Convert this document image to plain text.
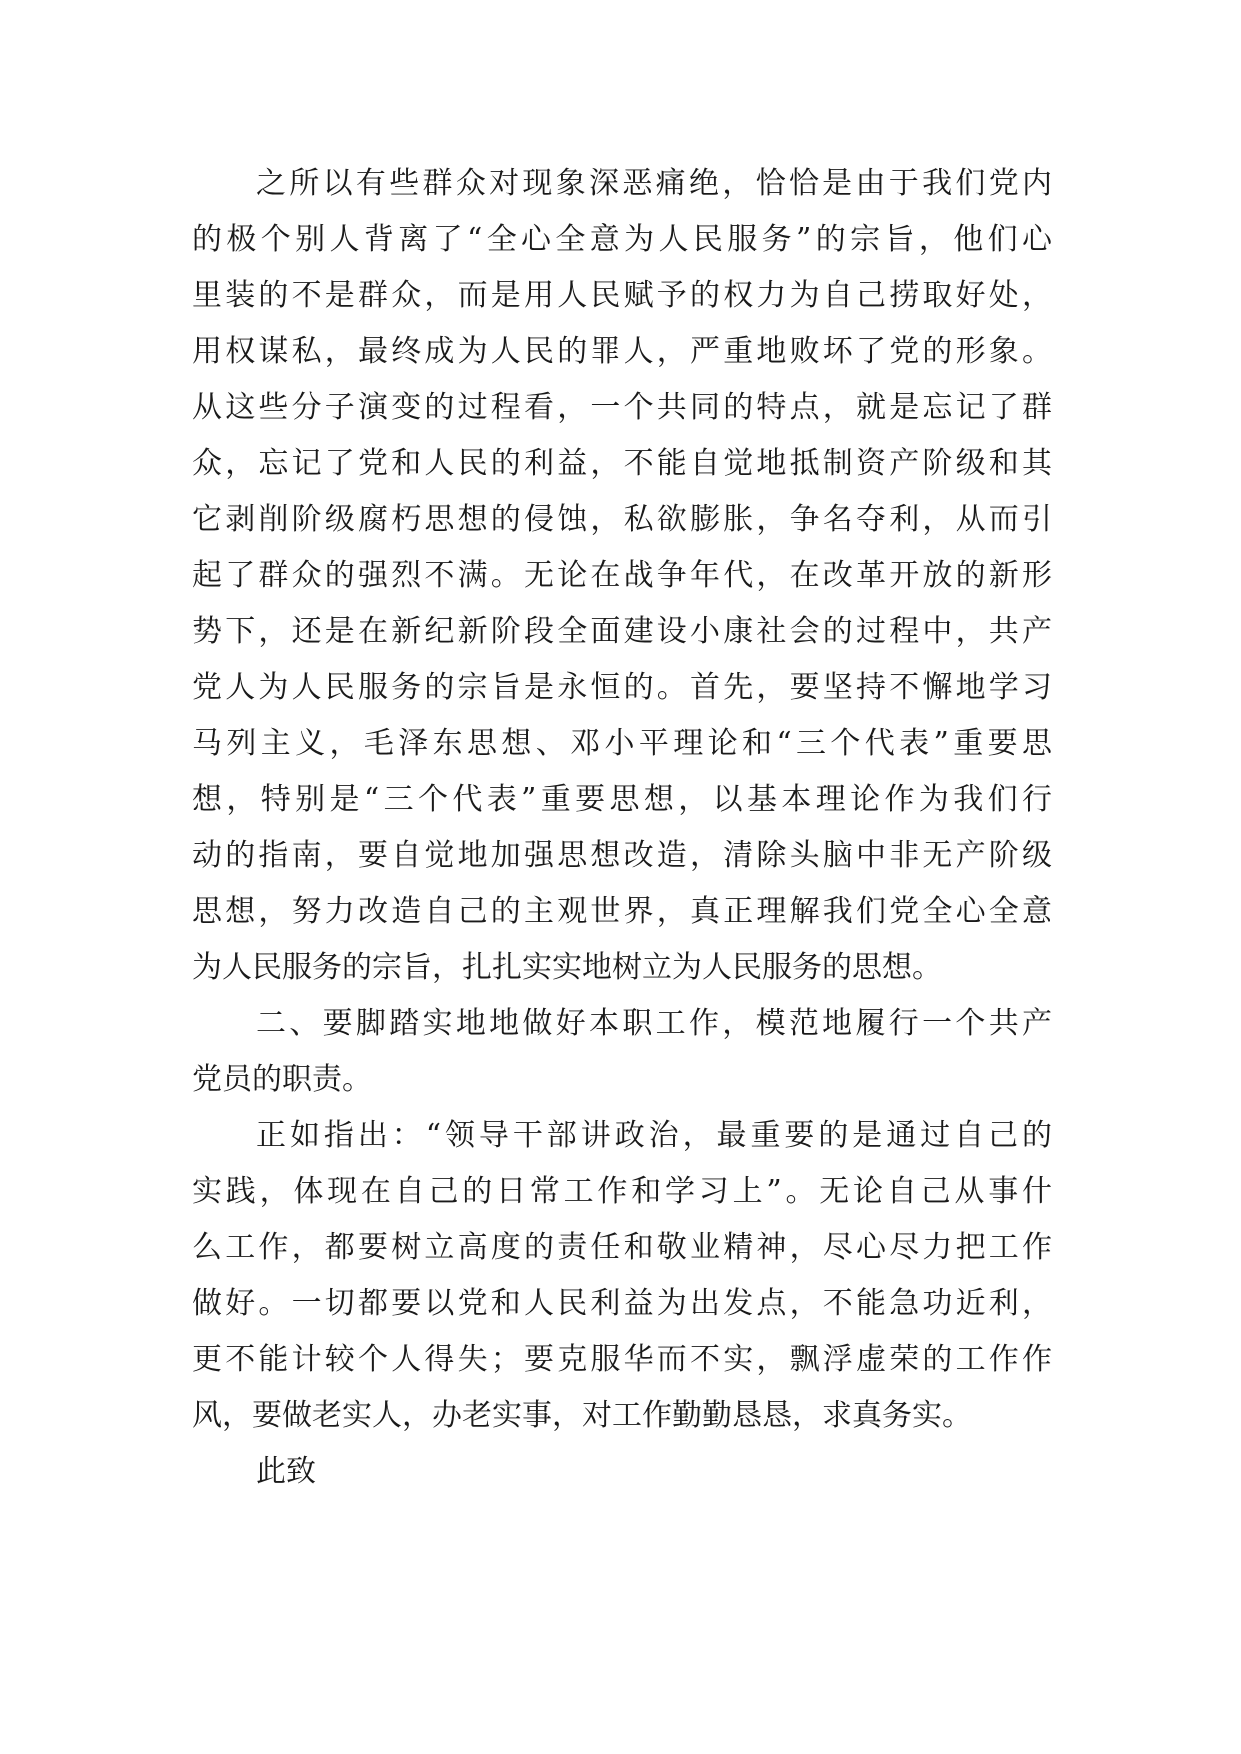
之所以有些群众对现象深恶痛绝，恰恰是由于我们党内
的极个别人背离了“全心全意为人民服务”的宗旨，他们心
里装的不是群众，而是用人民赋予的权力为自己捞取好处，
用权谋私，最终成为人民的罪人，严重地败坏了党的形象。
从这些分子演变的过程看，一个共同的特点，就是忘记了群
众，忘记了党和人民的利益，不能自觉地抵制资产阶级和其
它剥削阶级腐朽思想的侵蚀，私欲膨胀，争名夺利，从而引
起了群众的强烈不满。无论在战争年代，在改革开放的新形
势下，还是在新纪新阶段全面建设小康社会的过程中，共产
党人为人民服务的宗旨是永恒的。首先，要坚持不懈地学习
马列主义，毛泽东思想、邓小平理论和“三个代表”重要思
想，特别是“三个代表”重要思想，以基本理论作为我们行
动的指南，要自觉地加强思想改造，清除头脑中非无产阶级
思想，努力改造自己的主观世界，真正理解我们党全心全意
为人民服务的宗旨，扎扎实实地树立为人民服务的思想。
二、要脚踏实地地做好本职工作，模范地履行一个共产
党员的职责。
正如指出：“领导干部讲政治，最重要的是通过自己的
实践，体现在自己的日常工作和学习上”。无论自己从事什
么工作，都要树立高度的责任和敬业精神，尽心尽力把工作
做好。一切都要以党和人民利益为出发点，不能急功近利，
更不能计较个人得失；要克服华而不实，飘浮虚荣的工作作
风，要做老实人，办老实事，对工作勤勤恳恳，求真务实。
此致
